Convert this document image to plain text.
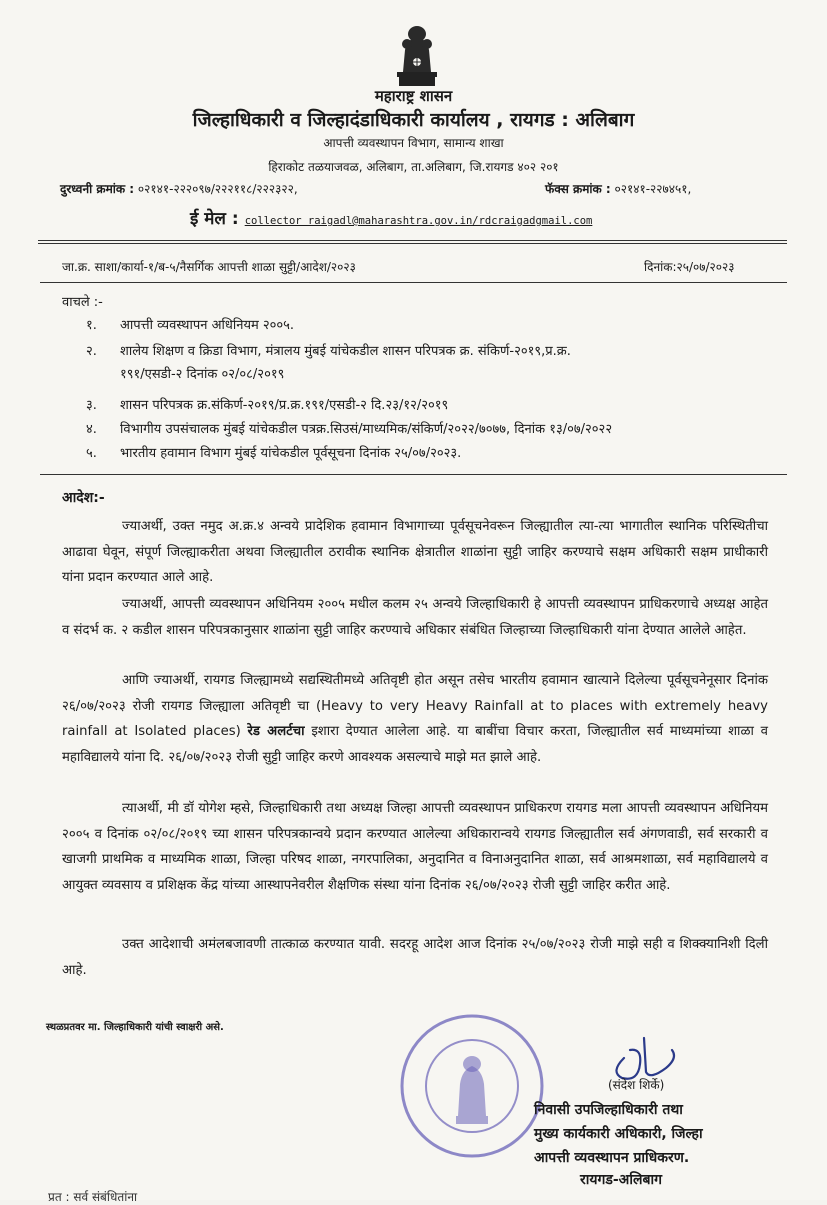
महाराष्ट्र शासन
जिल्हाधिकारी व जिल्हादंडाधिकारी कार्यालय , रायगड : अलिबाग
आपत्ती व्यवस्थापन विभाग, सामान्य शाखा
हिराकोट तळयाजवळ, अलिबाग, ता.अलिबाग, जि.रायगड ४०२ २०१
दुरध्वनी क्रमांक : ०२१४१-२२२०९७/२२२११८/२२२३२२,	फॅक्स क्रमांक : ०२१४१-२२७४५१,
ई मेल : collector raigadl@maharashtra.gov.in/rdcraigadgmail.com
जा.क्र. साशा/कार्या-१/ब-५/नैसर्गिक आपत्ती शाळा सुट्टी/आदेश/२०२३	दिनांक:२५/०७/२०२३
वाचले :-
१. आपत्ती व्यवस्थापन अधिनियम २००५.
२. शालेय शिक्षण व क्रिडा विभाग, मंत्रालय मुंबई यांचेकडील शासन परिपत्रक क्र. संकिर्ण-२०१९,प्र.क्र.
१९१/एसडी-२ दिनांक ०२/०८/२०१९
३. शासन परिपत्रक क्र.संकिर्ण-२०१९/प्र.क्र.१९१/एसडी-२ दि.२३/१२/२०१९
४. विभागीय उपसंचालक मुंबई यांचेकडील पत्रक्र.सिउसं/माध्यमिक/संकिर्ण/२०२२/७०७७, दिनांक १३/०७/२०२२
५. भारतीय हवामान विभाग मुंबई यांचेकडील पूर्वसूचना दिनांक २५/०७/२०२३.
आदेश:-
ज्याअर्थी, उक्त नमुद अ.क्र.४ अन्वये प्रादेशिक हवामान विभागाच्या पूर्वसूचनेवरून जिल्ह्यातील त्या-त्या भागातील स्थानिक परिस्थितीचा आढावा घेवून, संपूर्ण जिल्ह्याकरीता अथवा जिल्ह्यातील ठरावीक स्थानिक क्षेत्रातील शाळांना सुट्टी जाहिर करण्याचे सक्षम अधिकारी सक्षम प्राधीकारी यांना प्रदान करण्यात आले आहे.
ज्याअर्थी, आपत्ती व्यवस्थापन अधिनियम २००५ मधील कलम २५ अन्वये जिल्हाधिकारी हे आपत्ती व्यवस्थापन प्राधिकरणाचे अध्यक्ष आहेत व संदर्भ क. २ कडील शासन परिपत्रकानुसार शाळांना सुट्टी जाहिर करण्याचे अधिकार संबंधित जिल्हाच्या जिल्हाधिकारी यांना देण्यात आलेले आहेत.
आणि ज्याअर्थी, रायगड जिल्ह्यामध्ये सद्यस्थितीमध्ये अतिवृष्टी होत असून तसेच भारतीय हवामान खात्याने दिलेल्या पूर्वसूचनेनूसार दिनांक २६/०७/२०२३ रोजी रायगड जिल्ह्याला अतिवृष्टी चा (Heavy to very Heavy Rainfall at to places with extremely heavy rainfall at Isolated places) रेड अलर्टचा इशारा देण्यात आलेला आहे. या बाबींचा विचार करता, जिल्ह्यातील सर्व माध्यमांच्या शाळा व महाविद्यालये यांना दि. २६/०७/२०२३ रोजी सुट्टी जाहिर करणे आवश्यक असल्याचे माझे मत झाले आहे.
त्याअर्थी, मी डॉ योगेश म्हसे, जिल्हाधिकारी तथा अध्यक्ष जिल्हा आपत्ती व्यवस्थापन प्राधिकरण रायगड मला आपत्ती व्यवस्थापन अधिनियम २००५ व दिनांक ०२/०८/२०१९ च्या शासन परिपत्रकान्वये प्रदान करण्यात आलेल्या अधिकारान्वये रायगड जिल्ह्यातील सर्व अंगणवाडी, सर्व सरकारी व खाजगी प्राथमिक व माध्यमिक शाळा, जिल्हा परिषद शाळा, नगरपालिका, अनुदानित व विनाअनुदानित शाळा, सर्व आश्रमशाळा, सर्व महाविद्यालये व आयुक्त व्यवसाय व प्रशिक्षक केंद्र यांच्या आस्थापनेवरील शैक्षणिक संस्था यांना दिनांक २६/०७/२०२३ रोजी सुट्टी जाहिर करीत आहे.
उक्त आदेशाची अमंलबजावणी तात्काळ करण्यात यावी. सदरहू आदेश आज दिनांक २५/०७/२०२३ रोजी माझे सही व शिक्क्यानिशी दिली आहे.
स्थळप्रतवर मा. जिल्हाधिकारी यांची स्वाक्षरी असे.
(संदेश शिर्के)
निवासी उपजिल्हाधिकारी तथा
मुख्य कार्यकारी अधिकारी, जिल्हा
आपत्ती व्यवस्थापन प्राधिकरण.
रायगड-अलिबाग
प्रत : सर्व संबंधितांना
